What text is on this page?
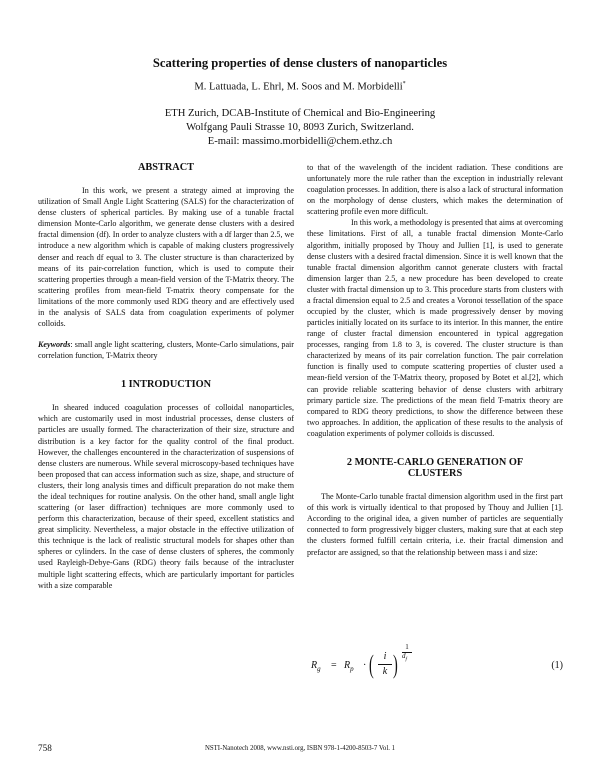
Scattering properties of dense clusters of nanoparticles
M. Lattuada, L. Ehrl, M. Soos and M. Morbidelli*
ETH Zurich, DCAB-Institute of Chemical and Bio-Engineering
Wolfgang Pauli Strasse 10, 8093 Zurich, Switzerland.
E-mail: massimo.morbidelli@chem.ethz.ch
ABSTRACT

In this work, we present a strategy aimed at improving the utilization of Small Angle Light Scattering (SALS) for the characterization of dense clusters of spherical particles. By making use of a tunable fractal dimension Monte-Carlo algorithm, we generate dense clusters with a desired fractal dimension (df). In order to analyze clusters with a df larger than 2.5, we introduce a new algorithm which is capable of making clusters progressively denser and reach df equal to 3. The cluster structure is than characterized by means of its pair-correlation function, which is used to compute their scattering properties through a mean-field version of the T-Matrix theory. The scattering profiles from mean-field T-matrix theory compensate for the limitations of the more commonly used RDG theory and are effectively used in the analysis of SALS data from coagulation experiments of polymer colloids.

Keywords: small angle light scattering, clusters, Monte-Carlo simulations, pair correlation function, T-Matrix theory

1 INTRODUCTION

In sheared induced coagulation processes of colloidal nanoparticles, which are customarily used in most industrial processes, dense clusters of particles are usually formed. The characterization of their size, structure and distribution is a key factor for the quality control of the final product. However, the challenges encountered in the characterization of suspensions of dense clusters are numerous. While several microscopy-based techniques have been proposed that can access information such as size, shape, and structure of clusters, their long analysis times and difficult preparation do not make them the ideal techniques for routine analysis. On the other hand, small angle light scattering (or laser diffraction) techniques are more commonly used to perform this characterization, because of their speed, excellent statistics and great simplicity. Nevertheless, a major obstacle in the effective utilization of this technique is the lack of realistic structural models for shapes other than spheres or cylinders. In the case of dense clusters of spheres, the commonly used Rayleigh-Debye-Gans (RDG) theory fails because of the intracluster multiple light scattering effects, which are particularly important for particles with a size comparable

to that of the wavelength of the incident radiation. These conditions are unfortunately more the rule rather than the exception in industrially relevant coagulation processes. In addition, there is also a lack of structural information on the morphology of dense clusters, which makes the determination of scattering profile even more difficult.

In this work, a methodology is presented that aims at overcoming these limitations. First of all, a tunable fractal dimension Monte-Carlo algorithm, initially proposed by Thouy and Jullien [1], is used to generate dense clusters with a desired fractal dimension. Since it is well known that the tunable fractal dimension algorithm cannot generate clusters with fractal dimension larger than 2.5, a new procedure has been developed to create cluster with fractal dimension up to 3. This procedure starts from clusters with a fractal dimension equal to 2.5 and creates a Voronoi tessellation of the space occupied by the cluster, which is made progressively denser by moving particles initially located on its surface to its interior. In this manner, the entire range of cluster fractal dimension encountered in typical aggregation processes, ranging from 1.8 to 3, is covered. The cluster structure is than characterized by means of its pair correlation function. The pair correlation function is finally used to compute scattering properties of cluster used a mean-field version of the T-Matrix theory, proposed by Botet et al.[2], which can provide reliable scattering behavior of dense clusters with arbitrary primary particle size. The predictions of the mean field T-matrix theory are compared to RDG theory predictions, to show the difference between these two approaches. In addition, the application of these results to the analysis of coagulation experiments of polymer colloids is discussed.

2 MONTE-CARLO GENERATION OF
CLUSTERS

The Monte-Carlo tunable fractal dimension algorithm used in the first part of this work is virtually identical to that proposed by Thouy and Jullien [1]. According to the original idea, a given number of particles are sequentially connected to form progressively bigger clusters, making sure that at each step the clusters formed fulfill certain criteria, i.e. their fractal dimension and prefactor are assigned, so that the relationship between mass i and size:

$R_g = R_p$ · ( i
k )
1
$d_f$
(1)
758	NSTI-Nanotech 2008, www.nsti.org, ISBN 978-1-4200-8503-7 Vol. 1
